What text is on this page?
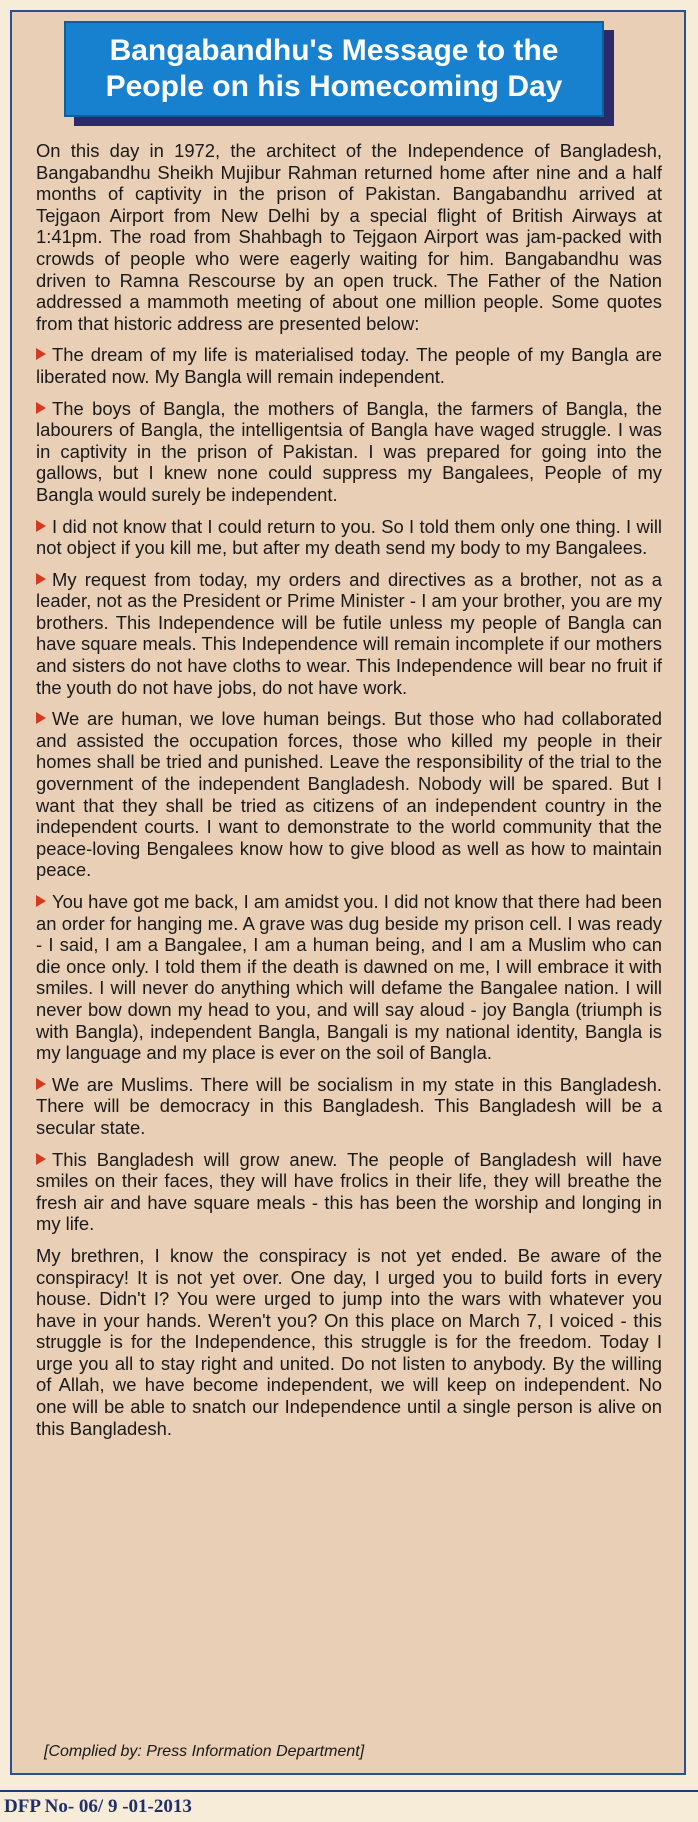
Bangabandhu's Message to the
People on his Homecoming Day

On this day in 1972, the architect of the Independence of Bangladesh, Bangabandhu Sheikh Mujibur Rahman returned home after nine and a half months of captivity in the prison of Pakistan. Bangabandhu arrived at Tejgaon Airport from New Delhi by a special flight of British Airways at 1:41pm. The road from Shahbagh to Tejgaon Airport was jam-packed with crowds of people who were eagerly waiting for him. Bangabandhu was driven to Ramna Rescourse by an open truck. The Father of the Nation addressed a mammoth meeting of about one million people. Some quotes from that historic address are presented below:

The dream of my life is materialised today. The people of my Bangla are liberated now. My Bangla will remain independent.

The boys of Bangla, the mothers of Bangla, the farmers of Bangla, the labourers of Bangla, the intelligentsia of Bangla have waged struggle. I was in captivity in the prison of Pakistan. I was prepared for going into the gallows, but I knew none could suppress my Bangalees, People of my Bangla would surely be independent.

I did not know that I could return to you. So I told them only one thing. I will not object if you kill me, but after my death send my body to my Bangalees.

My request from today, my orders and directives as a brother, not as a leader, not as the President or Prime Minister - I am your brother, you are my brothers. This Independence will be futile unless my people of Bangla can have square meals. This Independence will remain incomplete if our mothers and sisters do not have cloths to wear. This Independence will bear no fruit if the youth do not have jobs, do not have work.

We are human, we love human beings. But those who had collaborated and assisted the occupation forces, those who killed my people in their homes shall be tried and punished. Leave the responsibility of the trial to the government of the independent Bangladesh. Nobody will be spared. But I want that they shall be tried as citizens of an independent country in the independent courts. I want to demonstrate to the world community that the peace-loving Bengalees know how to give blood as well as how to maintain peace.

You have got me back, I am amidst you. I did not know that there had been an order for hanging me. A grave was dug beside my prison cell. I was ready - I said, I am a Bangalee, I am a human being, and I am a Muslim who can die once only. I told them if the death is dawned on me, I will embrace it with smiles. I will never do anything which will defame the Bangalee nation. I will never bow down my head to you, and will say aloud - joy Bangla (triumph is with Bangla), independent Bangla, Bangali is my national identity, Bangla is my language and my place is ever on the soil of Bangla.

We are Muslims. There will be socialism in my state in this Bangladesh. There will be democracy in this Bangladesh. This Bangladesh will be a secular state.

This Bangladesh will grow anew. The people of Bangladesh will have smiles on their faces, they will have frolics in their life, they will breathe the fresh air and have square meals - this has been the worship and longing in my life.

My brethren, I know the conspiracy is not yet ended. Be aware of the conspiracy! It is not yet over. One day, I urged you to build forts in every house. Didn't I? You were urged to jump into the wars with whatever you have in your hands. Weren't you? On this place on March 7, I voiced - this struggle is for the Independence, this struggle is for the freedom. Today I urge you all to stay right and united. Do not listen to anybody. By the willing of Allah, we have become independent, we will keep on independent. No one will be able to snatch our Independence until a single person is alive on this Bangladesh.

[Complied by: Press Information Department]
DFP No- 06/ 9 -01-2013
